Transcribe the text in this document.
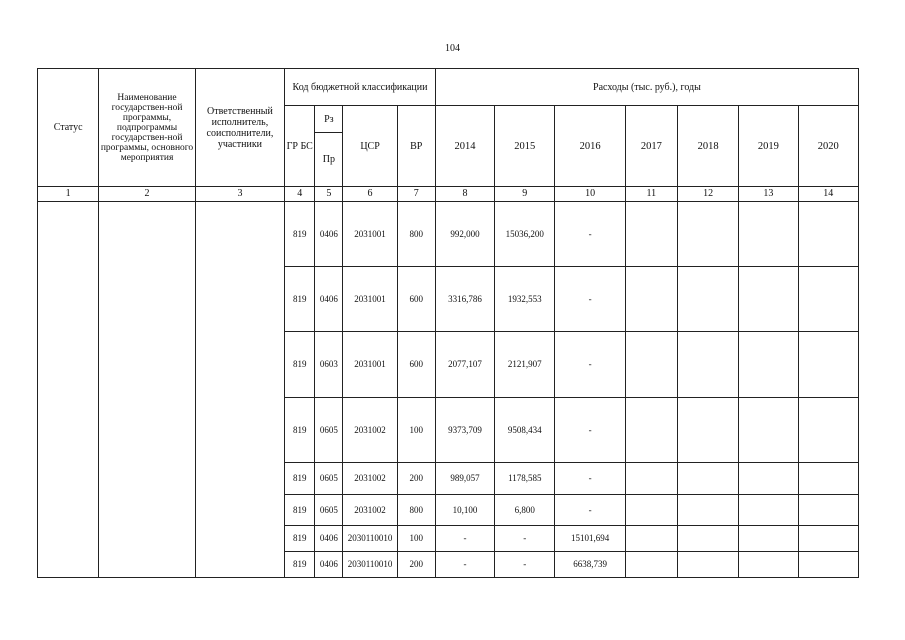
104
Статус	Наименование государствен-ной программы, подпрограммы государствен-ной программы, основного мероприятия	Ответственный исполнитель, соисполнители, участники	Код бюджетной классификации				Расходы (тыс. руб.), годы						
			ГР БС	Рз	ЦСР	ВР	2014	2015	2016	2017	2018	2019	2020
				Пр									
1	2	3	4	5	6	7	8	9	10	11	12	13	14
			819	0406	2031001	800	992,000	15036,200	-				
			819	0406	2031001	600	3316,786	1932,553	-				
			819	0603	2031001	600	2077,107	2121,907	-				
			819	0605	2031002	100	9373,709	9508,434	-				
			819	0605	2031002	200	989,057	1178,585	-				
			819	0605	2031002	800	10,100	6,800	-				
			819	0406	2030110010	100	-	-	15101,694				
			819	0406	2030110010	200	-	-	6638,739				
